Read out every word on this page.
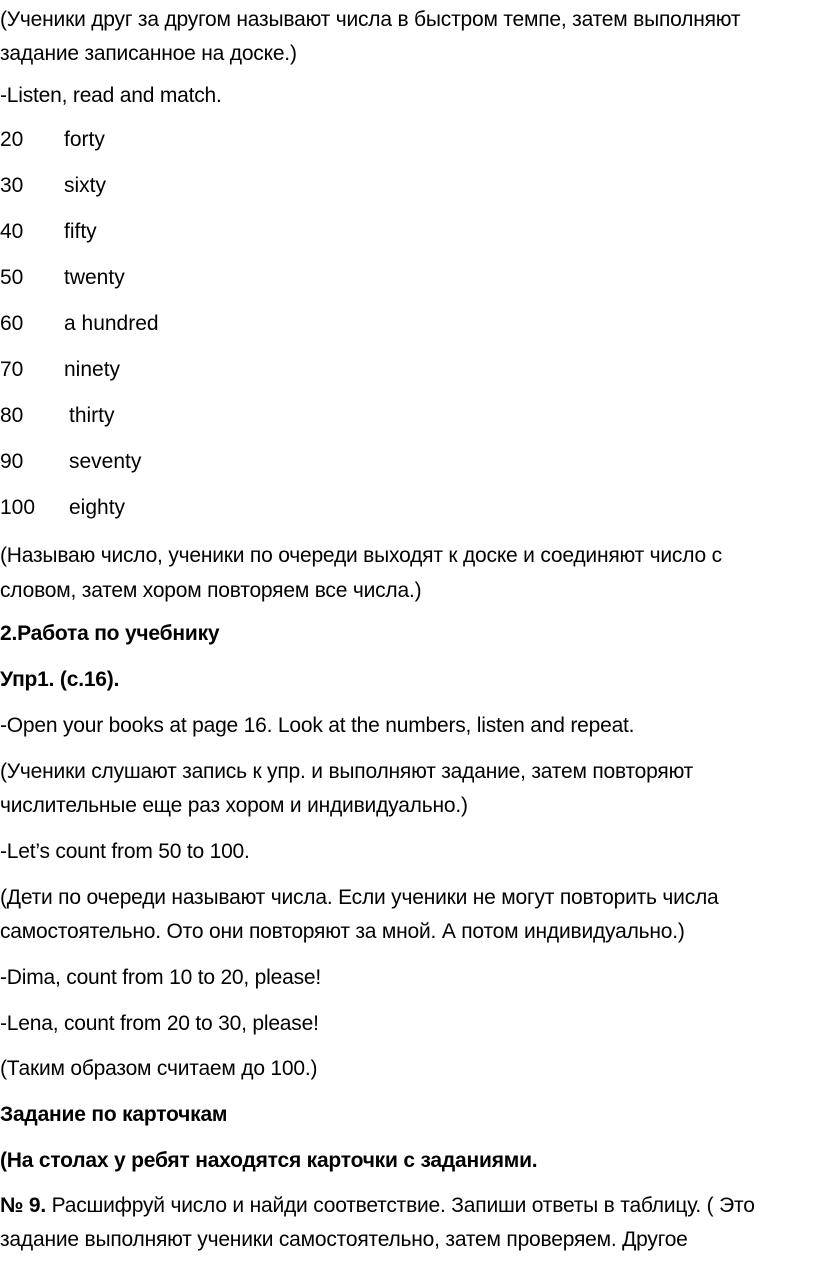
(Ученики друг за другом называют числа в быстром темпе, затем выполняют
задание записанное на доске.)
-Listen, read and match.
20 forty
30 sixty
40 fifty
50 twenty
60 a hundred
70 ninety
80 thirty
90 seventy
100 eighty
(Называю число, ученики по очереди выходят к доске и соединяют число с
словом, затем хором повторяем все числа.)
2.Работа по учебнику
Упр1. (с.16).
-Open your books at page 16. Look at the numbers, listen and repeat.
(Ученики слушают запись к упр. и выполняют задание, затем повторяют
числительные еще раз хором и индивидуально.)
-Let’s count from 50 to 100.
(Дети по очереди называют числа. Если ученики не могут повторить числа
самостоятельно. Ото они повторяют за мной. А потом индивидуально.)
-Dima, count from 10 to 20, please!
-Lena, count from 20 to 30, please!
(Таким образом считаем до 100.)
Задание по карточкам
(На столах у ребят находятся карточки с заданиями.
№ 9. Расшифруй число и найди соответствие. Запиши ответы в таблицу. ( Это
задание выполняют ученики самостоятельно, затем проверяем. Другое
